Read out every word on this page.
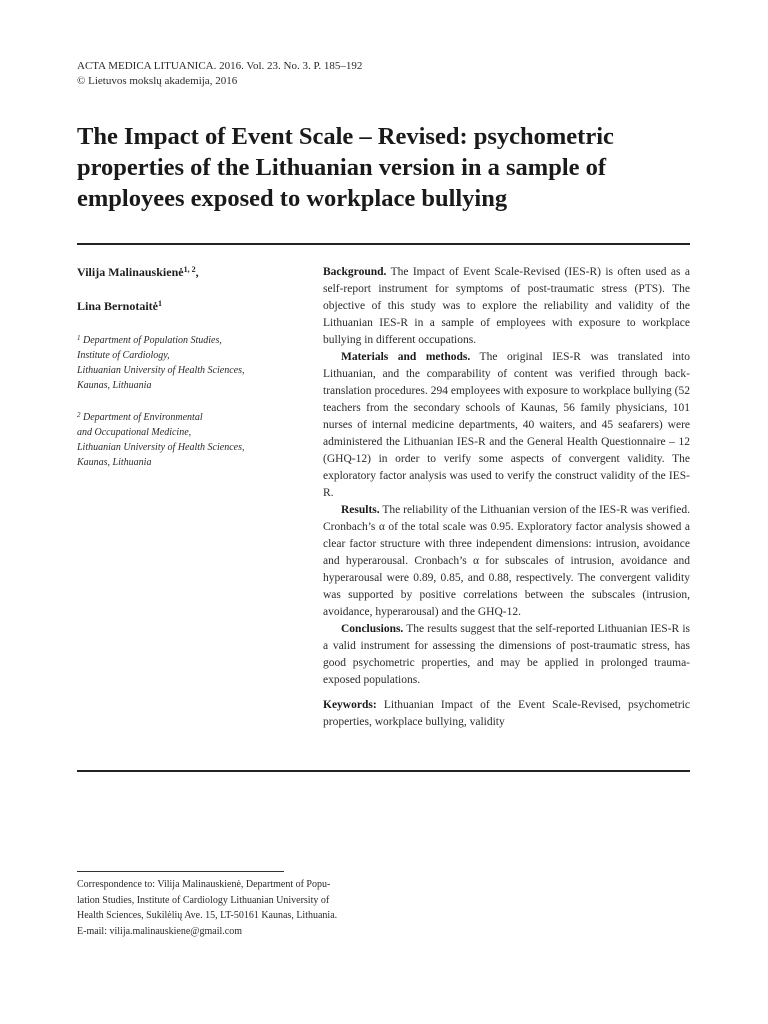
ACTA MEDICA LITUANICA. 2016. Vol. 23. No. 3. P. 185–192
© Lietuvos mokslų akademija, 2016
The Impact of Event Scale – Revised: psychometric properties of the Lithuanian version in a sample of employees exposed to workplace bullying
Vilija Malinauskienė$^{1, 2}$,
Lina Bernotaitė$^1$
$^1$ Department of Population Studies,
Institute of Cardiology,
Lithuanian University of Health Sciences,
Kaunas, Lithuania
$^2$ Department of Environmental
and Occupational Medicine,
Lithuanian University of Health Sciences,
Kaunas, Lithuania

Background. The Impact of Event Scale-Revised (IES-R) is often used as a self-report instrument for symptoms of post-traumatic stress (PTS). The objective of this study was to explore the reliability and validity of the Lithuanian IES-R in a sample of employees with exposure to workplace bullying in different occupations.

Materials and methods. The original IES-R was translated into Lithuanian, and the comparability of content was verified through back-translation procedures. 294 employees with exposure to workplace bullying (52 teachers from the secondary schools of Kaunas, 56 family physicians, 101 nurses of internal medicine departments, 40 waiters, and 45 seafarers) were administered the Lithuanian IES-R and the General Health Questionnaire – 12 (GHQ-12) in order to verify some aspects of convergent validity. The exploratory factor analysis was used to verify the construct validity of the IES-R.

Results. The reliability of the Lithuanian version of the IES-R was verified. Cronbach’s α of the total scale was 0.95. Exploratory factor analysis showed a clear factor structure with three independent dimensions: intrusion, avoidance and hyperarousal. Cronbach’s α for subscales of intrusion, avoidance and hyperarousal were 0.89, 0.85, and 0.88, respectively. The convergent validity was supported by positive correlations between the subscales (intrusion, avoidance, hyperarousal) and the GHQ-12.

Conclusions. The results suggest that the self-reported Lithuanian IES-R is a valid instrument for assessing the dimensions of post-traumatic stress, has good psychometric properties, and may be applied in prolonged trauma-exposed populations.

Keywords: Lithuanian Impact of the Event Scale-Revised, psychometric properties, workplace bullying, validity

Correspondence to: Vilija Malinauskienė, Department of Popu-
lation Studies, Institute of Cardiology Lithuanian University of
Health Sciences, Sukilėlių Ave. 15, LT-50161 Kaunas, Lithuania.
E-mail: vilija.malinauskiene@gmail.com
